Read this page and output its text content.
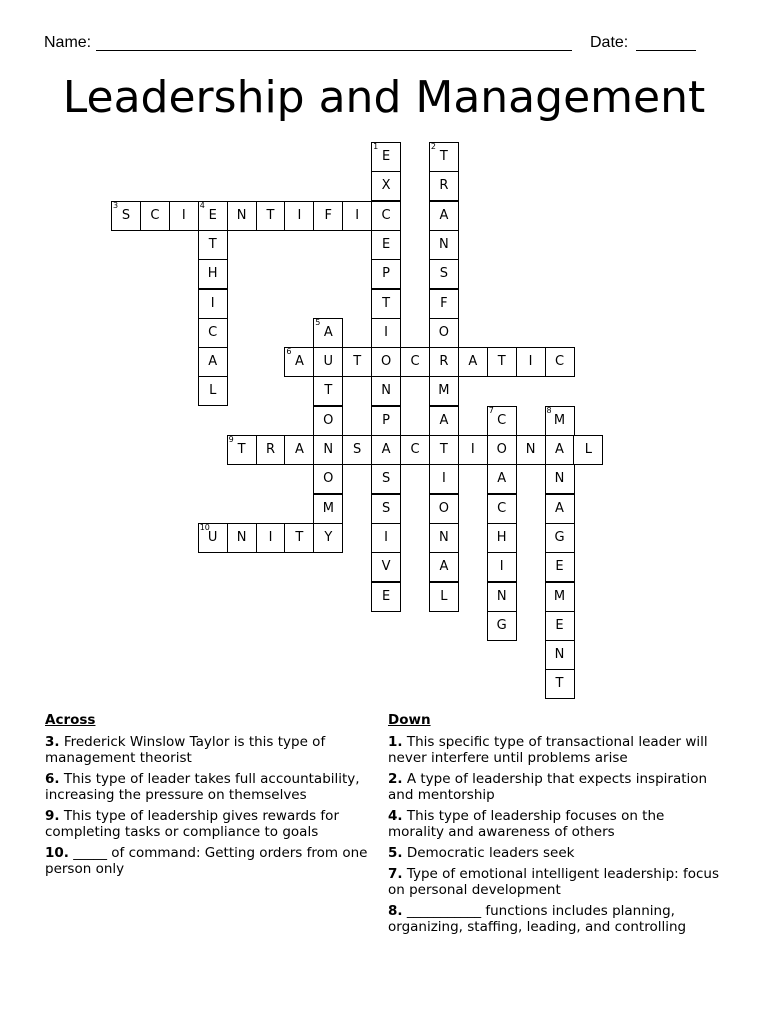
Name:	Date:
Leadership and Management
E
1
X
C
E
P
T
I
O
N
P
A
S
S
I
V
E
T
2
R
A
N
S
F
O
R
M
A
T
I
O
N
A
L
S
3
C	I	E
4
N	T	I	F	I
T
H
I
C
A
L
A
5
U
T
O
N
O
M
Y
A
6
T	C	A	T	I	C
C
7
O
A
C
H
I
N
G
M
8
A
N
A
G
E
M
E
N
T
T
9
R	A	S	C	I	N	L
U
10
N	I	T
Across
3. Frederick Winslow Taylor is this type of management theorist
6. This type of leader takes full accountability, increasing the pressure on themselves
9. This type of leadership gives rewards for completing tasks or compliance to goals
10. _____ of command: Getting orders from one person only
Down
1. This specific type of transactional leader will never interfere until problems arise
2. A type of leadership that expects inspiration and mentorship
4. This type of leadership focuses on the morality and awareness of others
5. Democratic leaders seek
7. Type of emotional intelligent leadership: focus on personal development
8. ___________ functions includes planning, organizing, staffing, leading, and controlling
